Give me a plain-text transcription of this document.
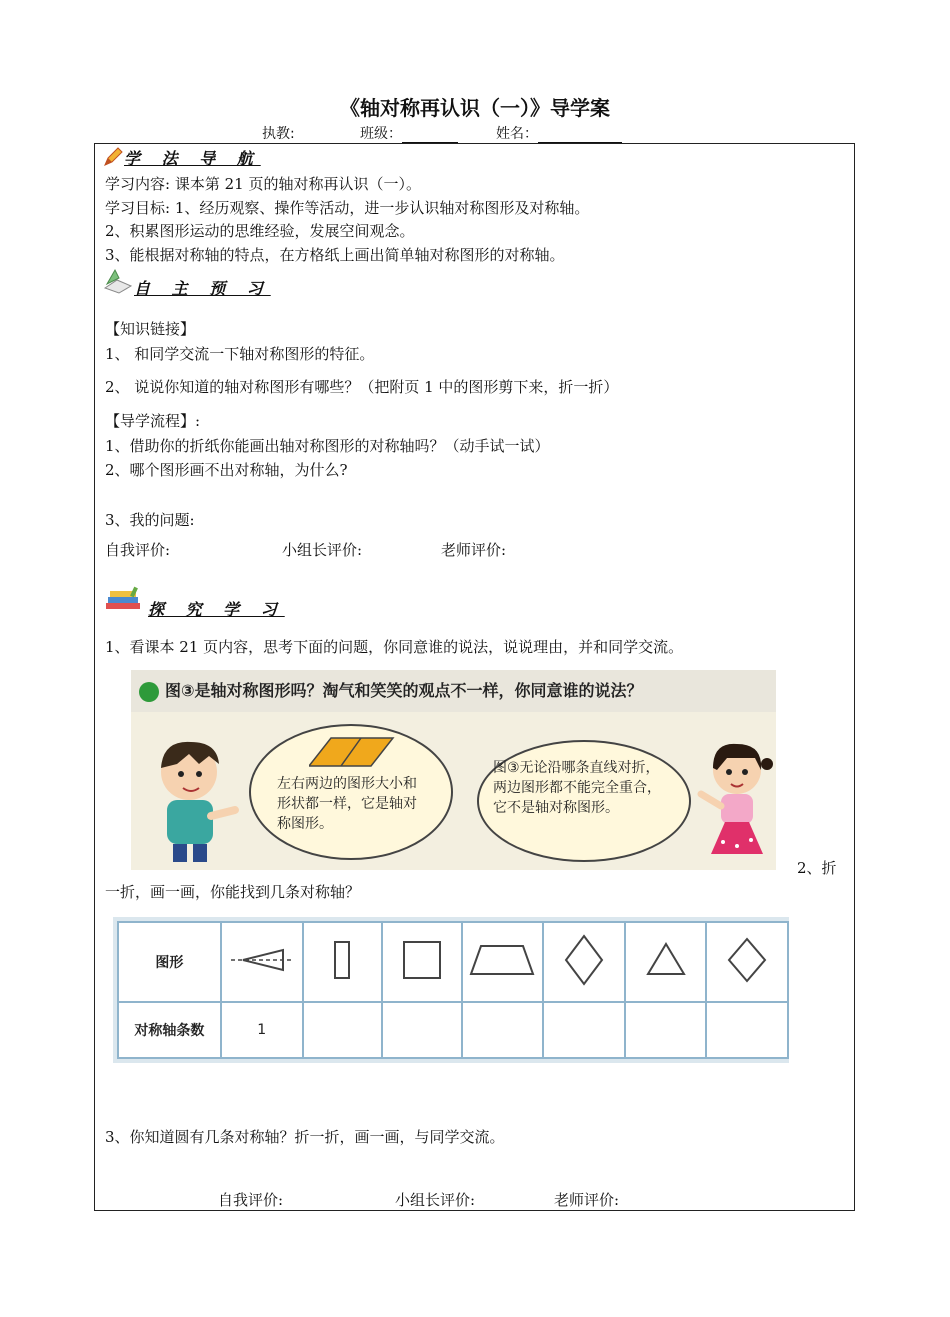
《轴对称再认识（一）》导学案
执教:	班级：	姓名：
学 法 导 航
学习内容: 课本第 21 页的轴对称再认识（一）。
学习目标: 1、经历观察、操作等活动，进一步认识轴对称图形及对称轴。
2、积累图形运动的思维经验，发展空间观念。
3、能根据对称轴的特点，在方格纸上画出简单轴对称图形的对称轴。
自 主 预 习
【知识链接】
1、 和同学交流一下轴对称图形的特征。
2、 说说你知道的轴对称图形有哪些？（把附页 1 中的图形剪下来，折一折）
【导学流程】:
1、借助你的折纸你能画出轴对称图形的对称轴吗？（动手试一试）
2、哪个图形画不出对称轴，为什么?
3、我的问题:
自我评价:	小组长评价:	老师评价:
探 究 学 习
1、看课本 21 页内容，思考下面的问题，你同意谁的说法，说说理由，并和同学交流。
图③是轴对称图形吗？淘气和笑笑的观点不一样，你同意谁的说法？
左右两边的图形大小和形状都一样，它是轴对称图形。
图③无论沿哪条直线对折，两边图形都不能完全重合，它不是轴对称图形。
2、折
一折，画一画，你能找到几条对称轴？
图形							
对称轴条数	1						
3、你知道圆有几条对称轴？折一折，画一画，与同学交流。
自我评价:	小组长评价:	老师评价:
